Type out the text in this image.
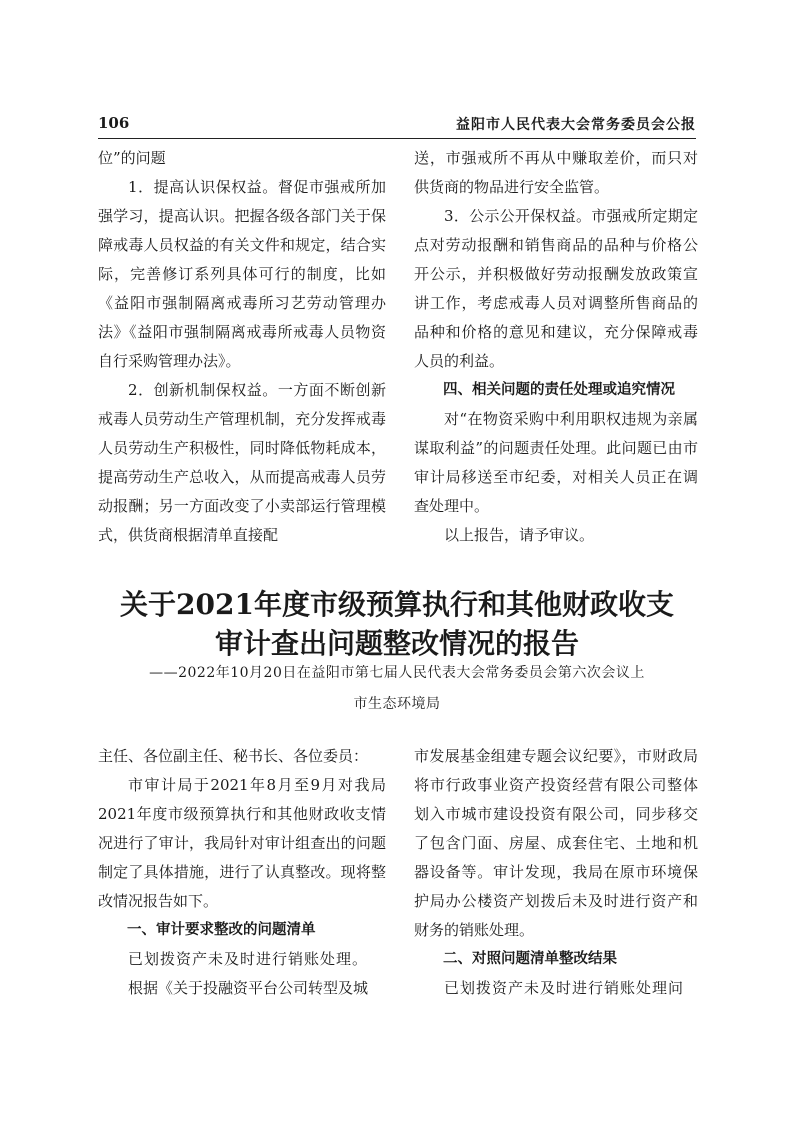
106	益阳市人民代表大会常务委员会公报

位”的问题

1．提高认识保权益。督促市强戒所加强学习，提高认识。把握各级各部门关于保障戒毒人员权益的有关文件和规定，结合实际，完善修订系列具体可行的制度，比如《益阳市强制隔离戒毒所习艺劳动管理办法》《益阳市强制隔离戒毒所戒毒人员物资自行采购管理办法》。

2．创新机制保权益。一方面不断创新戒毒人员劳动生产管理机制，充分发挥戒毒人员劳动生产积极性，同时降低物耗成本，提高劳动生产总收入，从而提高戒毒人员劳动报酬；另一方面改变了小卖部运行管理模式，供货商根据清单直接配

送，市强戒所不再从中赚取差价，而只对供货商的物品进行安全监管。

3．公示公开保权益。市强戒所定期定点对劳动报酬和销售商品的品种与价格公开公示，并积极做好劳动报酬发放政策宣讲工作，考虑戒毒人员对调整所售商品的品种和价格的意见和建议，充分保障戒毒人员的利益。

四、相关问题的责任处理或追究情况

对“在物资采购中利用职权违规为亲属谋取利益”的问题责任处理。此问题已由市审计局移送至市纪委，对相关人员正在调查处理中。

以上报告，请予审议。

关于2021年度市级预算执行和其他财政收支
审计查出问题整改情况的报告
——2022年10月20日在益阳市第七届人民代表大会常务委员会第六次会议上
市生态环境局

主任、各位副主任、秘书长、各位委员：

市审计局于2021年8月至9月对我局2021年度市级预算执行和其他财政收支情况进行了审计，我局针对审计组查出的问题制定了具体措施，进行了认真整改。现将整改情况报告如下。

一、审计要求整改的问题清单

已划拨资产未及时进行销账处理。

根据《关于投融资平台公司转型及城

市发展基金组建专题会议纪要》，市财政局将市行政事业资产投资经营有限公司整体划入市城市建设投资有限公司，同步移交了包含门面、房屋、成套住宅、土地和机器设备等。审计发现，我局在原市环境保护局办公楼资产划拨后未及时进行资产和财务的销账处理。

二、对照问题清单整改结果

已划拨资产未及时进行销账处理问
